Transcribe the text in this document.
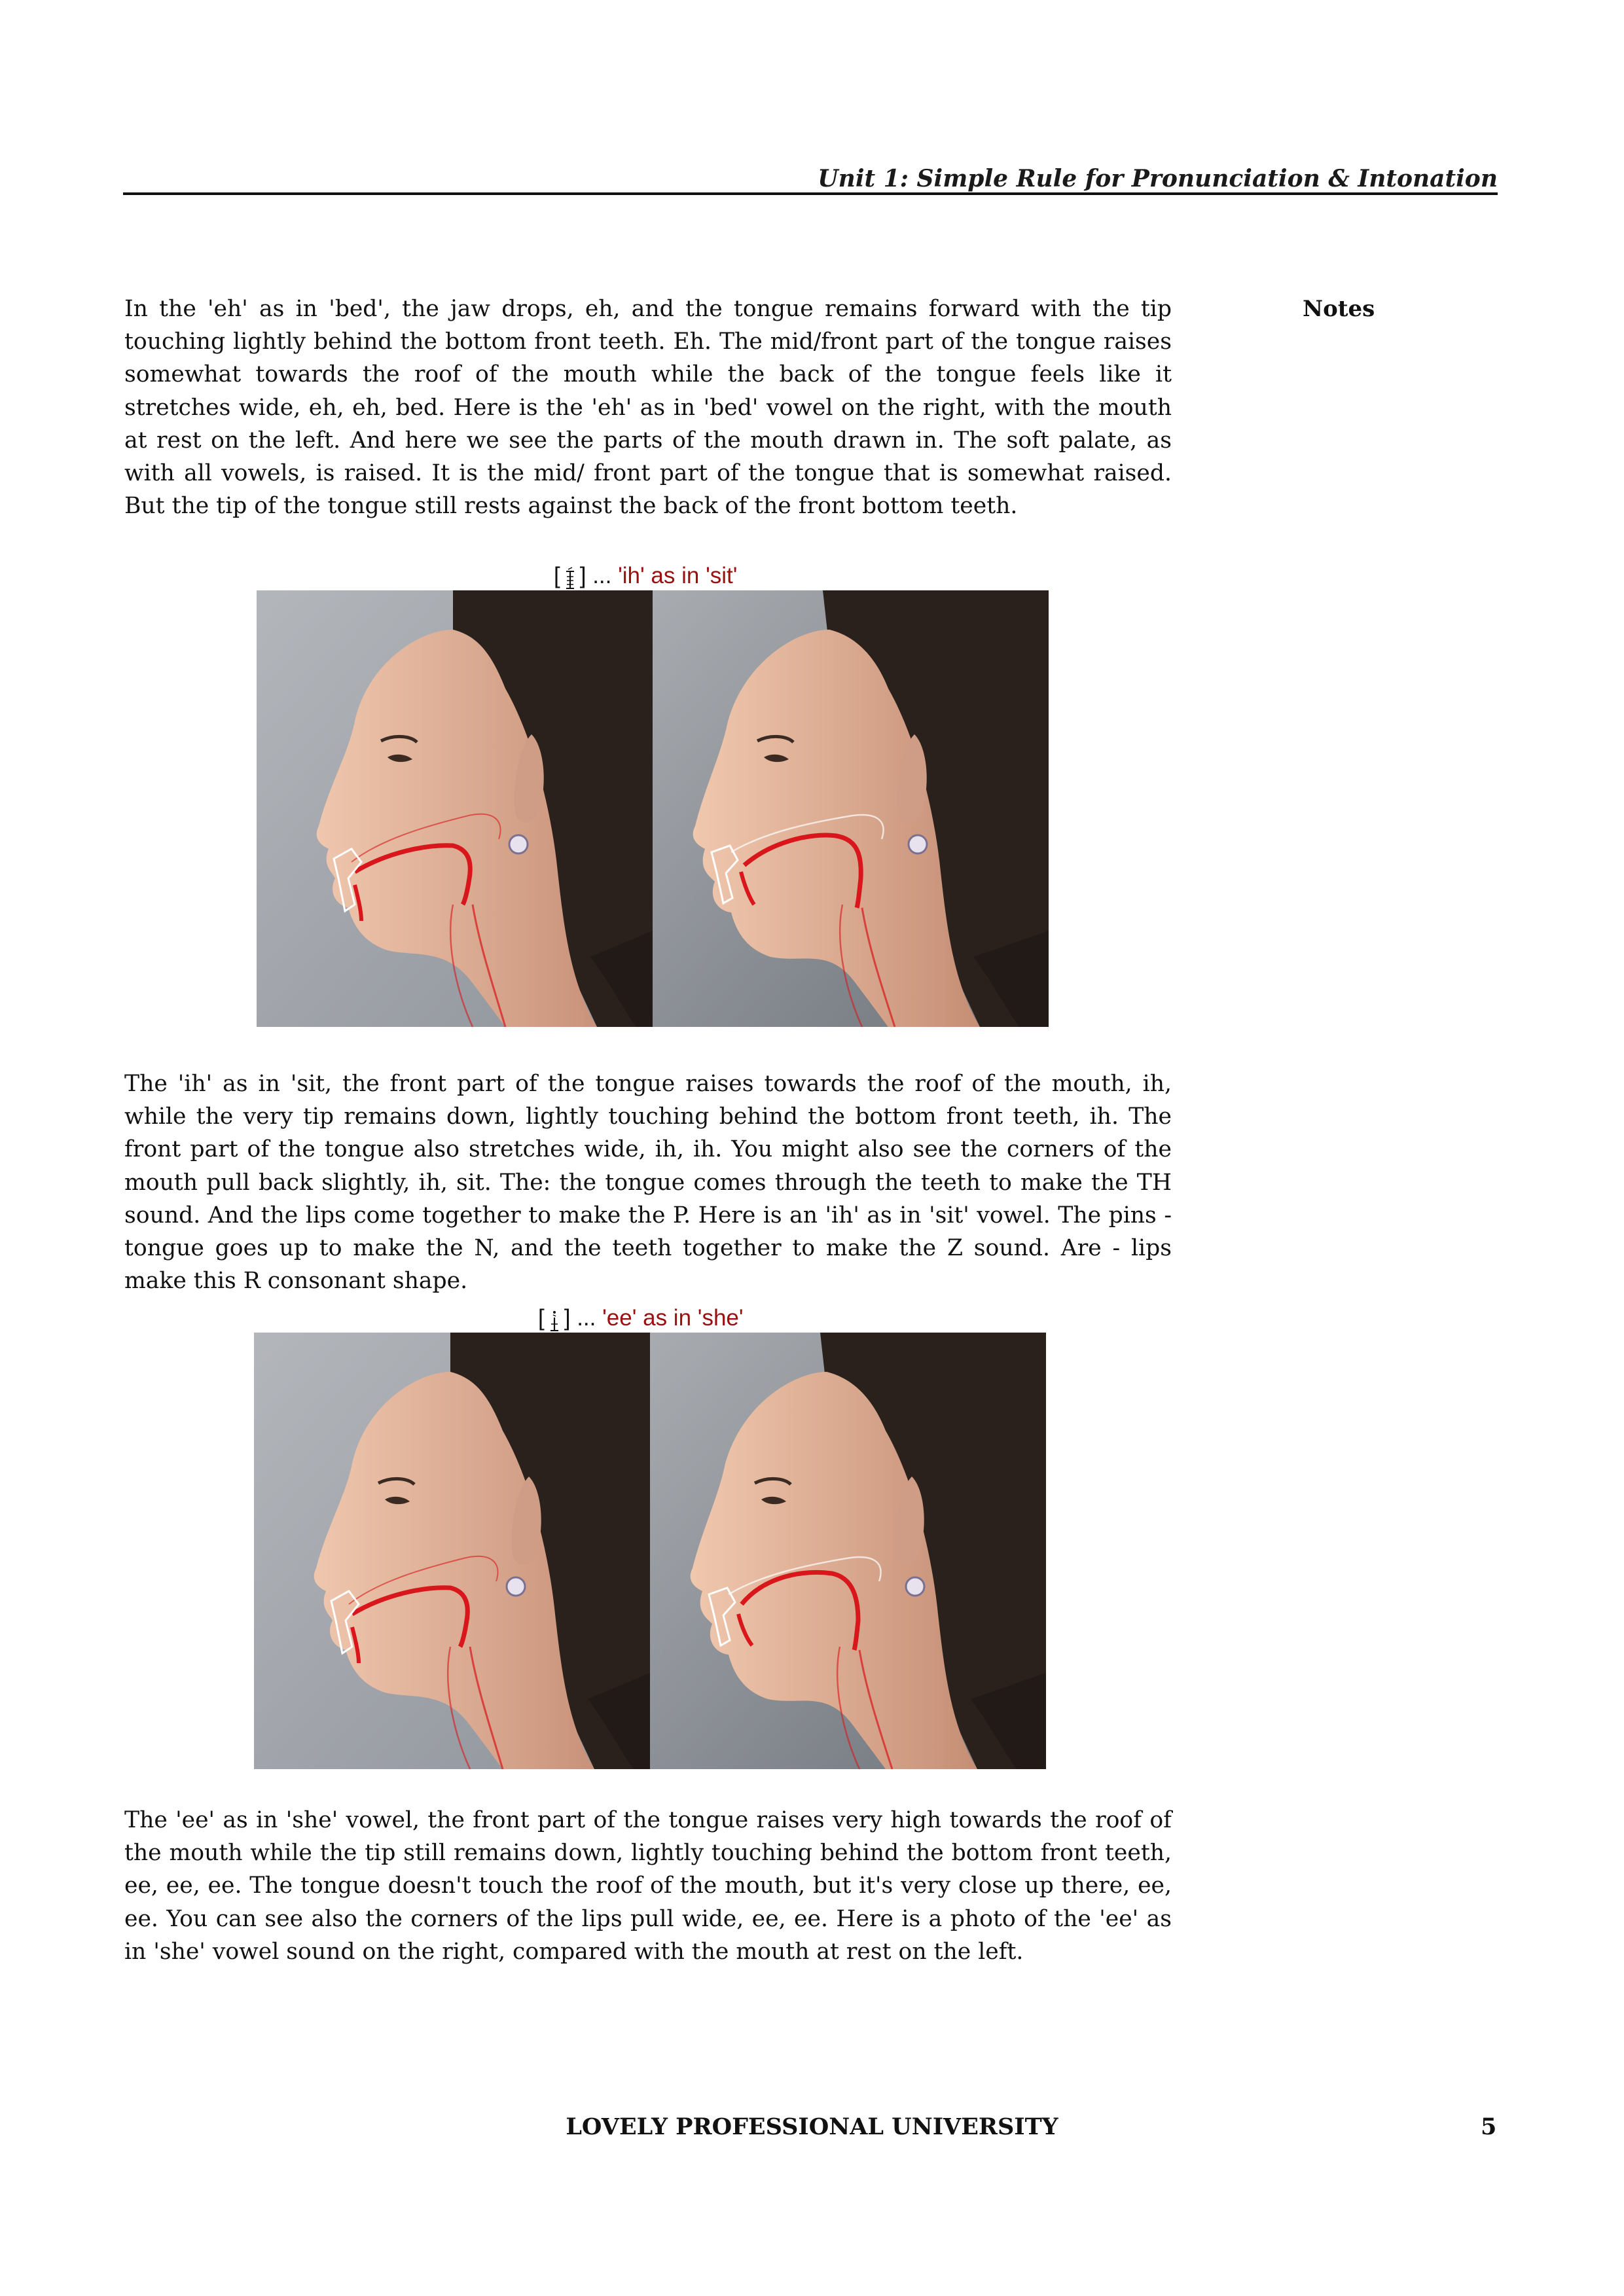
Unit 1: Simple Rule for Pronunciation & Intonation
Notes

In the 'eh' as in 'bed', the jaw drops, eh, and the tongue remains forward with the tip touching lightly behind the bottom front teeth. Eh. The mid/front part of the tongue raises somewhat towards the roof of the mouth while the back of the tongue feels like it stretches wide, eh, eh, bed. Here is the 'eh' as in 'bed' vowel on the right, with the mouth at rest on the left. And here we see the parts of the mouth drawn in. The soft palate, as with all vowels, is raised. It is the mid/ front part of the tongue that is somewhat raised. But the tip of the tongue still rests against the back of the front bottom teeth.

[ ] ... 'ih' as in 'sit'

The 'ih' as in 'sit, the front part of the tongue raises towards the roof of the mouth, ih, while the very tip remains down, lightly touching behind the bottom front teeth, ih. The front part of the tongue also stretches wide, ih, ih. You might also see the corners of the mouth pull back slightly, ih, sit. The: the tongue comes through the teeth to make the TH sound. And the lips come together to make the P. Here is an 'ih' as in 'sit' vowel. The pins - tongue goes up to make the N, and the teeth together to make the Z sound. Are - lips make this R consonant shape.

[ ] ... 'ee' as in 'she'

The 'ee' as in 'she' vowel, the front part of the tongue raises very high towards the roof of the mouth while the tip still remains down, lightly touching behind the bottom front teeth, ee, ee, ee. The tongue doesn't touch the roof of the mouth, but it's very close up there, ee, ee. You can see also the corners of the lips pull wide, ee, ee. Here is a photo of the 'ee' as in 'she' vowel sound on the right, compared with the mouth at rest on the left.

LOVELY PROFESSIONAL UNIVERSITY	5
